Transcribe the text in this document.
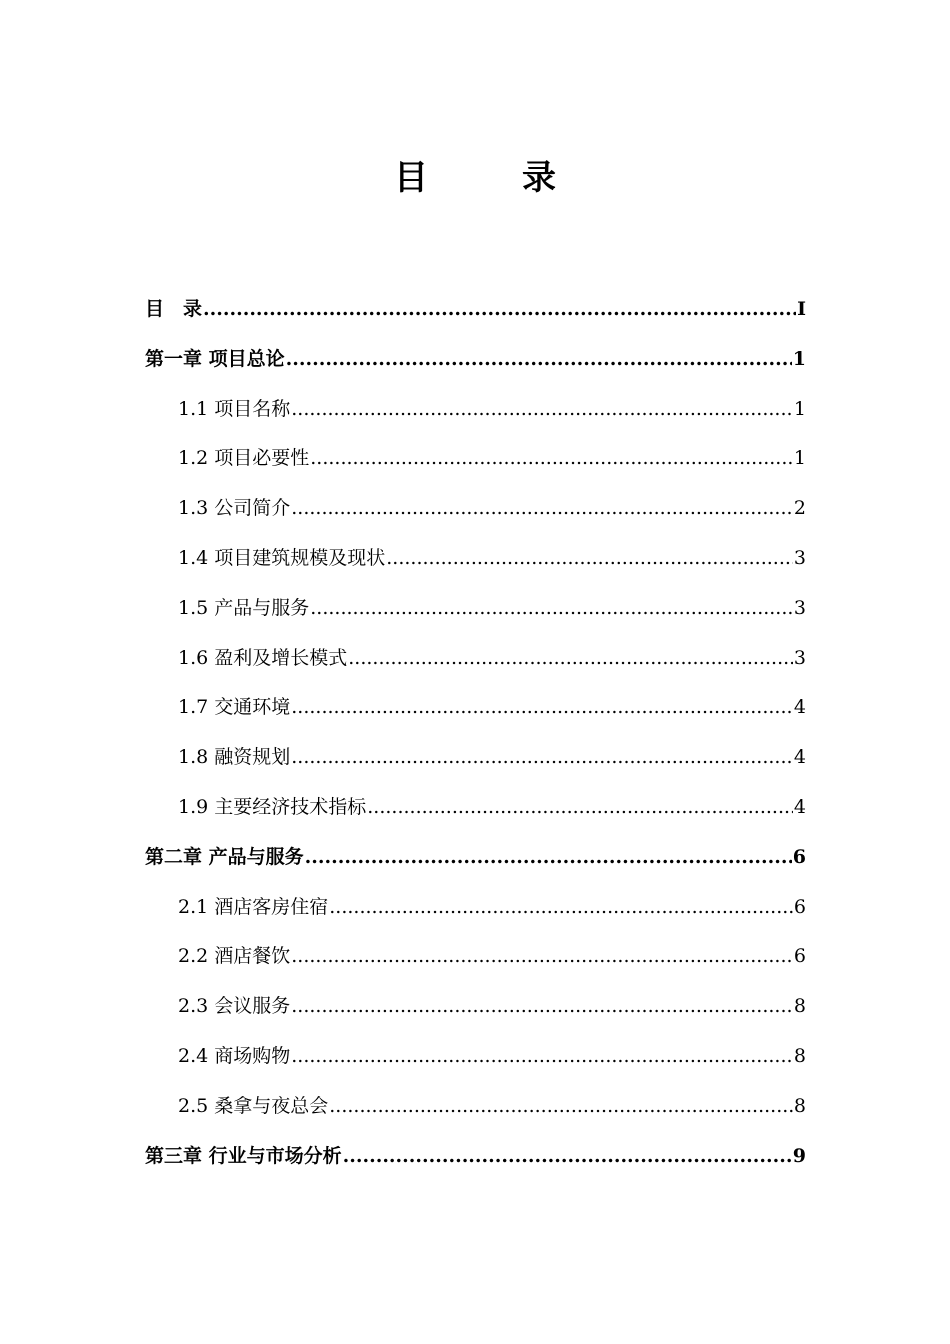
目　录
目　录 .....	I
第一章 项目总论 .....	1
1.1 项目名称 .....	1
1.2 项目必要性 .....	1
1.3 公司简介 .....	2
1.4 项目建筑规模及现状 .....	3
1.5 产品与服务 .....	3
1.6 盈利及增长模式 .....	3
1.7 交通环境 .....	4
1.8 融资规划 .....	4
1.9 主要经济技术指标 .....	4
第二章 产品与服务 .....	6
2.1 酒店客房住宿 .....	6
2.2 酒店餐饮 .....	6
2.3 会议服务 .....	8
2.4 商场购物 .....	8
2.5 桑拿与夜总会 .....	8
第三章 行业与市场分析 .....	9
